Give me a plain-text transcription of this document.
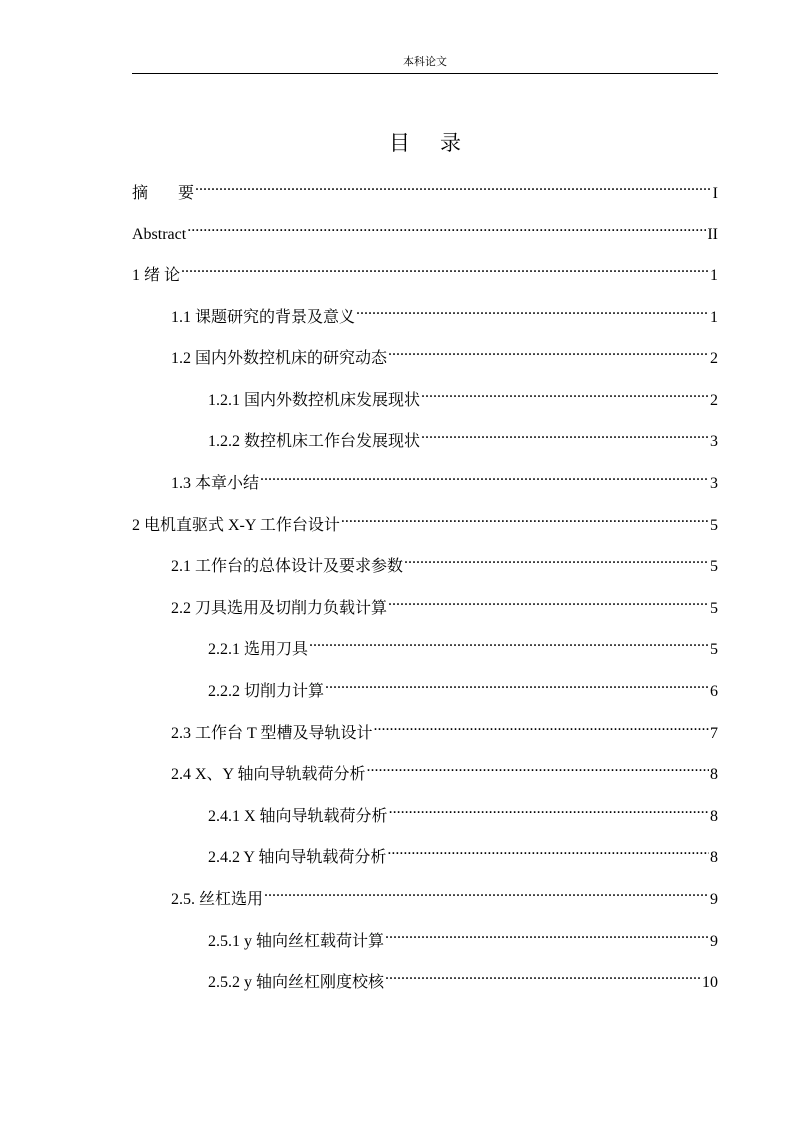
本科论文
目 录
摘 要 .....	I
Abstract .....	II
1 绪 论 .....	1
1.1 课题研究的背景及意义 .....	1
1.2 国内外数控机床的研究动态 .....	2
1.2.1 国内外数控机床发展现状 .....	2
1.2.2 数控机床工作台发展现状 .....	3
1.3 本章小结 .....	3
2 电机直驱式 X-Y 工作台设计 .....	5
2.1 工作台的总体设计及要求参数 .....	5
2.2 刀具选用及切削力负载计算 .....	5
2.2.1 选用刀具 .....	5
2.2.2 切削力计算 .....	6
2.3 工作台 T 型槽及导轨设计 .....	7
2.4 X、Y 轴向导轨载荷分析 .....	8
2.4.1 X 轴向导轨载荷分析 .....	8
2.4.2 Y 轴向导轨载荷分析 .....	8
2.5. 丝杠选用 .....	9
2.5.1 y 轴向丝杠载荷计算 .....	9
2.5.2 y 轴向丝杠刚度校核 .....	10
